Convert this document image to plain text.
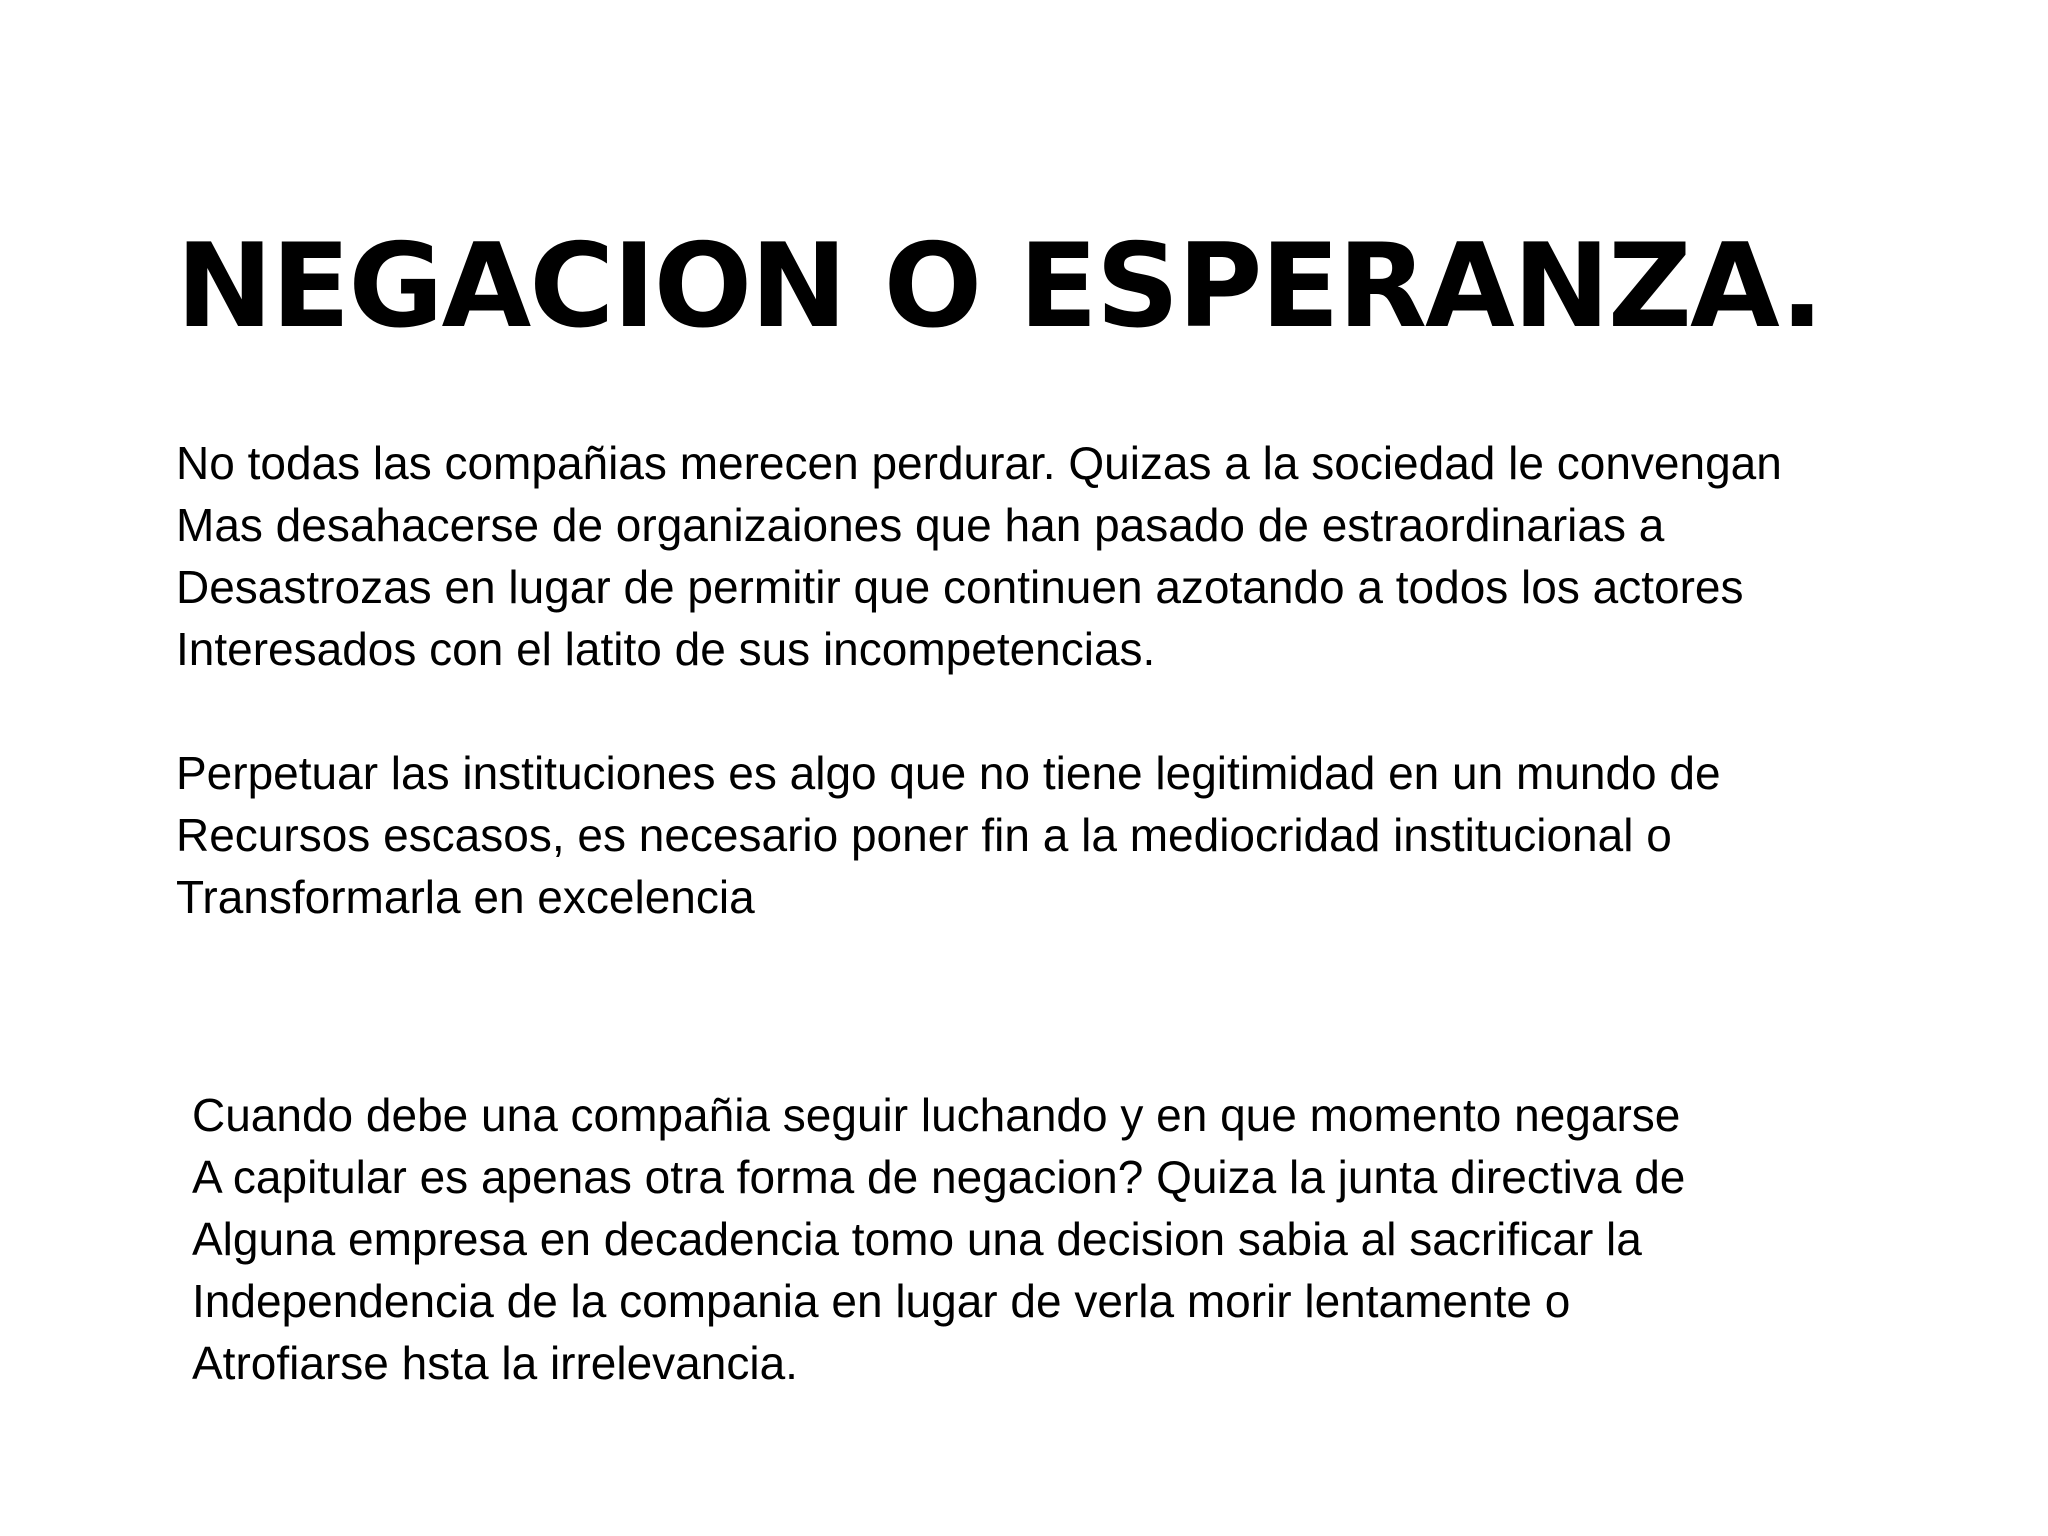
NEGACION O ESPERANZA.

No todas las compañias merecen perdurar. Quizas a la sociedad le convengan
Mas desahacerse de organizaiones que han pasado de estraordinarias a
Desastrozas en lugar de permitir que continuen azotando a todos los actores
Interesados con el latito de sus incompetencias.

Perpetuar las instituciones es algo que no tiene legitimidad en un mundo de
Recursos escasos, es necesario poner fin a la mediocridad institucional o
Transformarla en excelencia

Cuando debe una compañia seguir luchando y en que momento negarse
A capitular es apenas otra forma de negacion? Quiza la junta directiva de
Alguna empresa en decadencia tomo una decision sabia al sacrificar la
Independencia de la compania en lugar de verla morir lentamente o
Atrofiarse hsta la irrelevancia.
